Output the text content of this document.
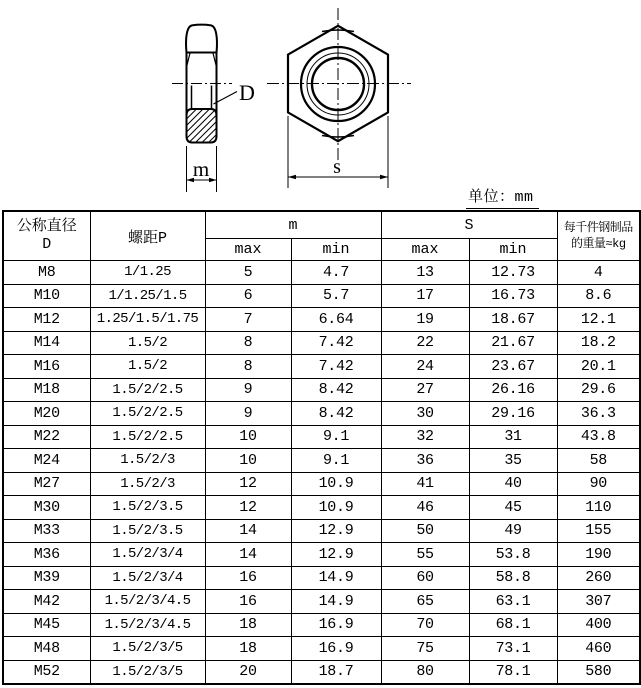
D
m	s
单位：mm
公称直径
D	螺距P	m	S	每千件钢制品
的重量≈kg

		max	min	max	min	
M8	1/1.25	5	4.7	13	12.73	4
M10	1/1.25/1.5	6	5.7	17	16.73	8.6
M12	1.25/1.5/1.75	7	6.64	19	18.67	12.1
M14	1.5/2	8	7.42	22	21.67	18.2
M16	1.5/2	8	7.42	24	23.67	20.1
M18	1.5/2/2.5	9	8.42	27	26.16	29.6
M20	1.5/2/2.5	9	8.42	30	29.16	36.3
M22	1.5/2/2.5	10	9.1	32	31	43.8
M24	1.5/2/3	10	9.1	36	35	58
M27	1.5/2/3	12	10.9	41	40	90
M30	1.5/2/3.5	12	10.9	46	45	110
M33	1.5/2/3.5	14	12.9	50	49	155
M36	1.5/2/3/4	14	12.9	55	53.8	190
M39	1.5/2/3/4	16	14.9	60	58.8	260
M42	1.5/2/3/4.5	16	14.9	65	63.1	307
M45	1.5/2/3/4.5	18	16.9	70	68.1	400
M48	1.5/2/3/5	18	16.9	75	73.1	460
M52	1.5/2/3/5	20	18.7	80	78.1	580
